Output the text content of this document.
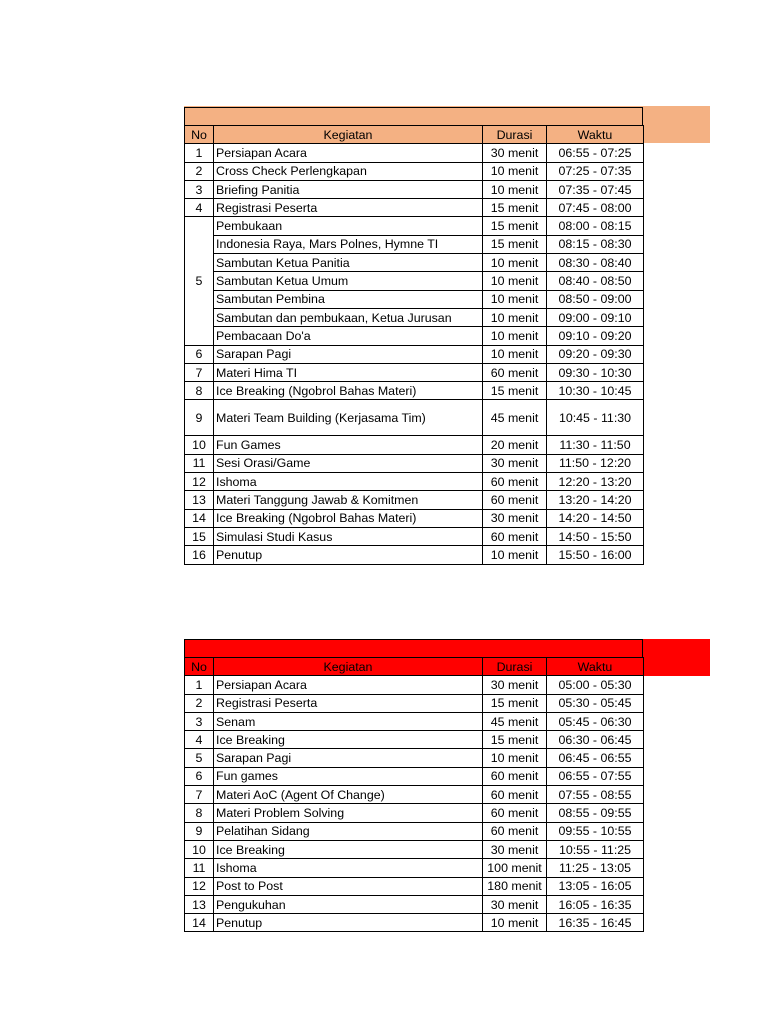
No	Kegiatan	Durasi	Waktu
1	Persiapan Acara	30 menit	06:55 - 07:25
2	Cross Check Perlengkapan	10 menit	07:25 - 07:35
3	Briefing Panitia	10 menit	07:35 - 07:45
4	Registrasi Peserta	15 menit	07:45 - 08:00
5	Pembukaan	15 menit	08:00 - 08:15
	Indonesia Raya, Mars Polnes, Hymne TI	15 menit	08:15 - 08:30
	Sambutan Ketua Panitia	10 menit	08:30 - 08:40
	Sambutan Ketua Umum	10 menit	08:40 - 08:50
	Sambutan Pembina	10 menit	08:50 - 09:00
	Sambutan dan pembukaan, Ketua Jurusan	10 menit	09:00 - 09:10
	Pembacaan Do'a	10 menit	09:10 - 09:20
6	Sarapan Pagi	10 menit	09:20 - 09:30
7	Materi Hima TI	60 menit	09:30 - 10:30
8	Ice Breaking (Ngobrol Bahas Materi)	15 menit	10:30 - 10:45
9	Materi Team Building (Kerjasama Tim)	45 menit	10:45 - 11:30
10	Fun Games	20 menit	11:30 - 11:50
11	Sesi Orasi/Game	30 menit	11:50 - 12:20
12	Ishoma	60 menit	12:20 - 13:20
13	Materi Tanggung Jawab & Komitmen	60 menit	13:20 - 14:20
14	Ice Breaking (Ngobrol Bahas Materi)	30 menit	14:20 - 14:50
15	Simulasi Studi Kasus	60 menit	14:50 - 15:50
16	Penutup	10 menit	15:50 - 16:00
No	Kegiatan	Durasi	Waktu
1	Persiapan Acara	30 menit	05:00 - 05:30
2	Registrasi Peserta	15 menit	05:30 - 05:45
3	Senam	45 menit	05:45 - 06:30
4	Ice Breaking	15 menit	06:30 - 06:45
5	Sarapan Pagi	10 menit	06:45 - 06:55
6	Fun games	60 menit	06:55 - 07:55
7	Materi AoC (Agent Of Change)	60 menit	07:55 - 08:55
8	Materi Problem Solving	60 menit	08:55 - 09:55
9	Pelatihan Sidang	60 menit	09:55 - 10:55
10	Ice Breaking	30 menit	10:55 - 11:25
11	Ishoma	100 menit	11:25 - 13:05
12	Post to Post	180 menit	13:05 - 16:05
13	Pengukuhan	30 menit	16:05 - 16:35
14	Penutup	10 menit	16:35 - 16:45
